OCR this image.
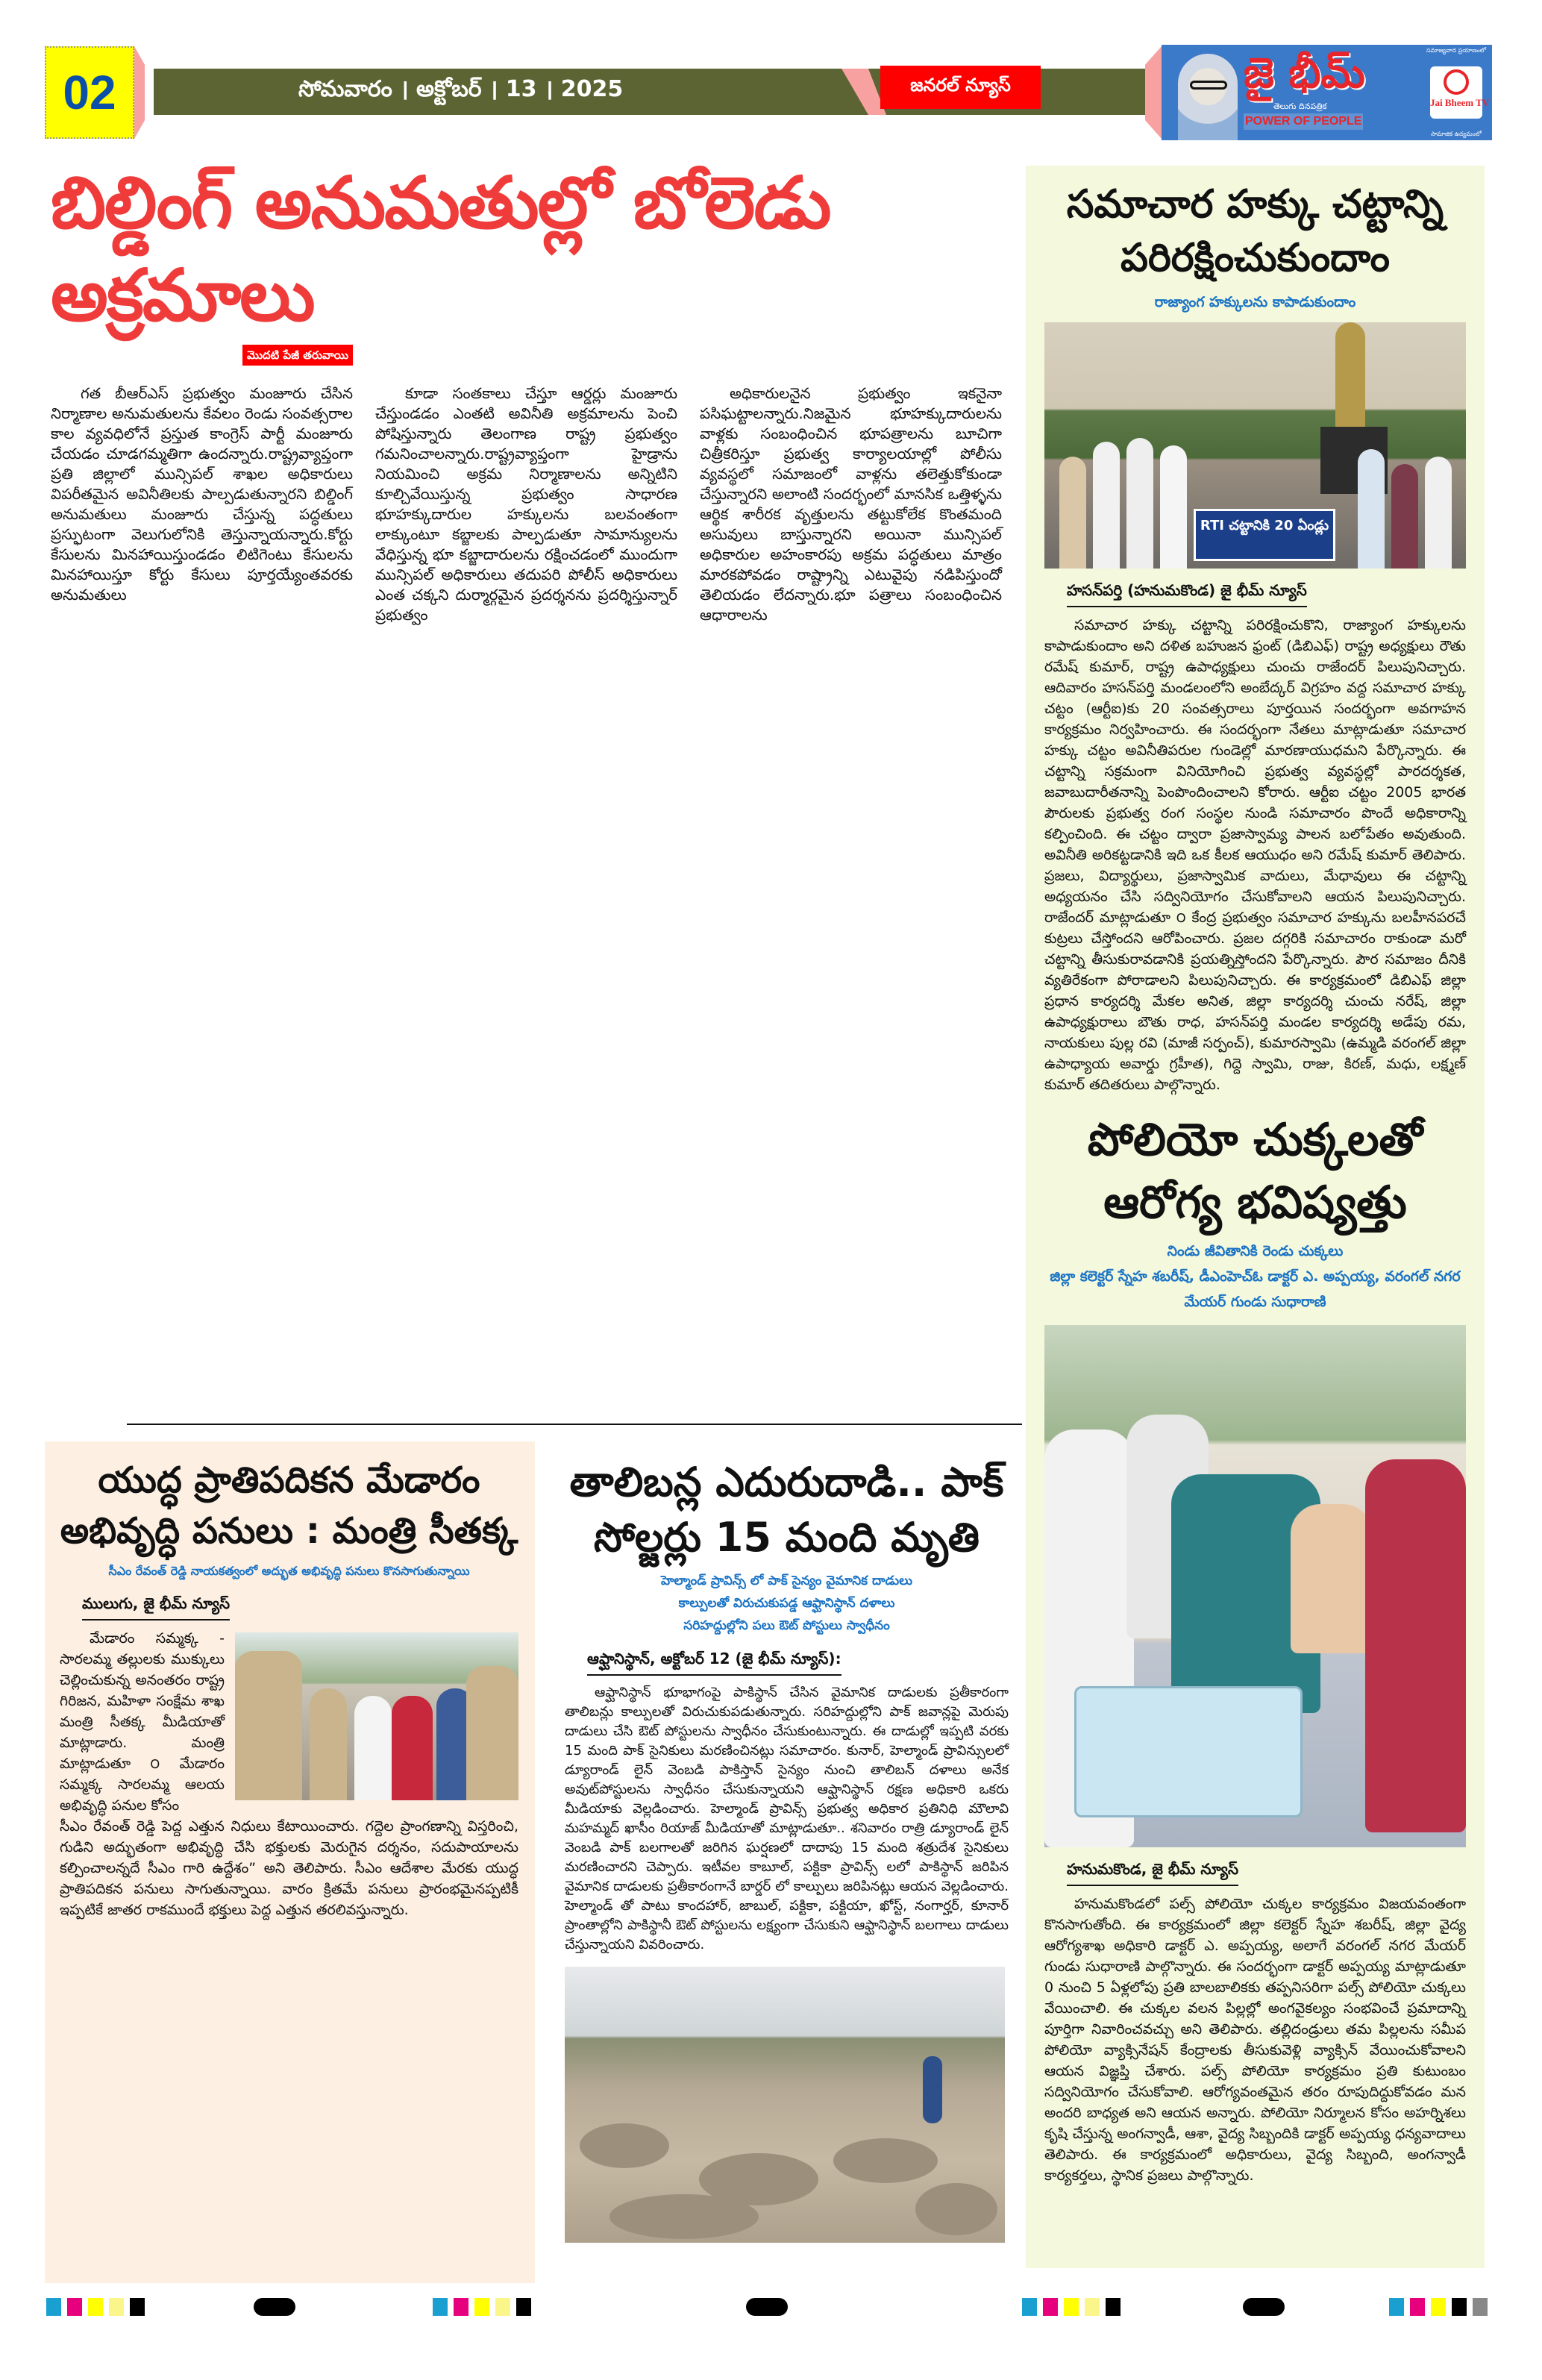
02	సోమవారం । అక్టోబర్ । 13 । 2025	జనరల్ న్యూస్	జై భీమ్
తెలుగు దినపత్రిక
POWER OF PEOPLE
సమాజ్యవాద ప్రయాణంలో
Jai Bheem TV
సామాజిక ఉద్యమంలో
బిల్డింగ్ అనుమతుల్లో బోలెడు అక్రమాలు
మొదటి పేజీ తరువాయి

గత బీఆర్ఎస్ ప్రభుత్వం మంజూరు చేసిన నిర్మాణాల అనుమతులను కేవలం రెండు సంవత్సరాల కాల వ్యవధిలోనే ప్రస్తుత కాంగ్రెస్ పార్టీ మంజూరు చేయడం చూడగమ్మతిగా ఉందన్నారు.రాష్ట్రవ్యాప్తంగా ప్రతి జిల్లాలో మున్సిపల్ శాఖల అధికారులు విపరీతమైన అవినీతిలకు పాల్పడుతున్నారని బిల్డింగ్ అనుమతులు మంజూరు చేస్తున్న పద్ధతులు ప్రస్ఫుటంగా వెలుగులోనికి తెస్తున్నాయన్నారు.కోర్టు కేసులను మినహాయిస్తుండడం లిటిగెంటు కేసులను మినహాయిస్తూ కోర్టు కేసులు పూర్తయ్యేంతవరకు అనుమతులు

కూడా సంతకాలు చేస్తూ ఆర్డర్లు మంజూరు చేస్తుండడం ఎంతటి అవినీతి అక్రమాలను పెంచి పోషిస్తున్నారు తెలంగాణ రాష్ట్ర ప్రభుత్వం గమనించాలన్నారు.రాష్ట్రవ్యాప్తంగా హైడ్రాను నియమించి అక్రమ నిర్మాణాలను అన్నిటిని కూల్చివేయిస్తున్న ప్రభుత్వం సాధారణ భూహక్కుదారుల హక్కులను బలవంతంగా లాక్కుంటూ కబ్జాలకు పాల్పడుతూ సామాన్యులను వేధిస్తున్న భూ కబ్జాదారులను రక్షించడంలో ముందుగా మున్సిపల్ అధికారులు తదుపరి పోలీస్ అధికారులు ఎంత చక్కని దుర్మార్గమైన ప్రదర్శనను ప్రదర్శిస్తున్నార్ ప్రభుత్వం

అధికారులనైన ప్రభుత్వం ఇకనైనా పసిఘట్టాలన్నారు.నిజమైన భూహక్కుదారులను వాళ్లకు సంబంధించిన భూపత్రాలను బూచిగా చిత్రీకరిస్తూ ప్రభుత్వ కార్యాలయాల్లో పోలీసు వ్యవస్థలో సమాజంలో వాళ్లను తలెత్తుకోకుండా చేస్తున్నారని అలాంటి సందర్భంలో మానసిక ఒత్తిళ్ళను ఆర్థిక శారీరక వృత్తులను తట్టుకోలేక కొంతమంది అసువులు బాస్తున్నారని అయినా మున్సిపల్ అధికారుల అహంకారపు అక్రమ పద్ధతులు మాత్రం మారకపోవడం రాష్ట్రాన్ని ఎటువైపు నడిపిస్తుందో తెలియడం లేదన్నారు.భూ పత్రాలు సంబంధించిన ఆధారాలను

సమాచార హక్కు చట్టాన్ని పరిరక్షించుకుందాం
రాజ్యాంగ హక్కులను కాపాడుకుందాం
RTI చట్టానికి 20 ఏండ్లు
హసన్‌పర్తి (హనుమకొండ) జై భీమ్ న్యూస్

సమాచార హక్కు చట్టాన్ని పరిరక్షించుకొని, రాజ్యాంగ హక్కులను కాపాడుకుందాం అని దళిత బహుజన ఫ్రంట్ (డిబిఎఫ్) రాష్ట్ర అధ్యక్షులు రౌతు రమేష్ కుమార్, రాష్ట్ర ఉపాధ్యక్షులు చుంచు రాజేందర్ పిలుపునిచ్చారు. ఆదివారం హసన్‌పర్తి మండలంలోని అంబేద్కర్ విగ్రహం వద్ద సమాచార హక్కు చట్టం (ఆర్టీఐ)కు 20 సంవత్సరాలు పూర్తయిన సందర్భంగా అవగాహన కార్యక్రమం నిర్వహించారు. ఈ సందర్భంగా నేతలు మాట్లాడుతూ సమాచార హక్కు చట్టం అవినీతిపరుల గుండెల్లో మారణాయుధమని పేర్కొన్నారు. ఈ చట్టాన్ని సక్రమంగా వినియోగించి ప్రభుత్వ వ్యవస్థల్లో పారదర్శకత, జవాబుదారీతనాన్ని పెంపొందించాలని కోరారు. ఆర్టీఐ చట్టం 2005 భారత పౌరులకు ప్రభుత్వ రంగ సంస్థల నుండి సమాచారం పొందే అధికారాన్ని కల్పించింది. ఈ చట్టం ద్వారా ప్రజాస్వామ్య పాలన బలోపేతం అవుతుంది. అవినీతి అరికట్టడానికి ఇది ఒక కీలక ఆయుధం అని రమేష్ కుమార్ తెలిపారు. ప్రజలు, విద్యార్థులు, ప్రజాస్వామిక వాదులు, మేధావులు ఈ చట్టాన్ని అధ్యయనం చేసి సద్వినియోగం చేసుకోవాలని ఆయన పిలుపునిచ్చారు. రాజేందర్ మాట్లాడుతూ ౦ కేంద్ర ప్రభుత్వం సమాచార హక్కును బలహీనపరచే కుట్రలు చేస్తోందని ఆరోపించారు. ప్రజల దగ్గరికి సమాచారం రాకుండా మరో చట్టాన్ని తీసుకురావడానికి ప్రయత్నిస్తోందని పేర్కొన్నారు. పౌర సమాజం దీనికి వ్యతిరేకంగా పోరాడాలని పిలుపునిచ్చారు. ఈ కార్యక్రమంలో డిబిఎఫ్ జిల్లా ప్రధాన కార్యదర్శి మేకల అనిత, జిల్లా కార్యదర్శి చుంచు నరేష్, జిల్లా ఉపాధ్యక్షురాలు బౌతు రాధ, హసన్‌పర్తి మండల కార్యదర్శి అడేపు రమ, నాయకులు పుల్ల రవి (మాజీ సర్పంచ్), కుమారస్వామి (ఉమ్మడి వరంగల్ జిల్లా ఉపాధ్యాయ అవార్డు గ్రహీత), గిద్దె స్వామి, రాజు, కిరణ్, మధు, లక్ష్మణ్ కుమార్ తదితరులు పాల్గొన్నారు.

పోలియో చుక్కలతో ఆరోగ్య భవిష్యత్తు
నిండు జీవితానికి రెండు చుక్కలు
జిల్లా కలెక్టర్ స్నేహ శబరీష్, డీఎంహెచ్ఓ డాక్టర్ ఎ. అప్పయ్య, వరంగల్ నగర మేయర్ గుండు సుధారాణి
హనుమకొండ, జై భీమ్ న్యూస్

హనుమకొండలో పల్స్ పోలియో చుక్కల కార్యక్రమం విజయవంతంగా కొనసాగుతోంది. ఈ కార్యక్రమంలో జిల్లా కలెక్టర్ స్నేహ శబరీష్, జిల్లా వైద్య ఆరోగ్యశాఖ అధికారి డాక్టర్ ఎ. అప్పయ్య, అలాగే వరంగల్ నగర మేయర్ గుండు సుధారాణి పాల్గొన్నారు. ఈ సందర్భంగా డాక్టర్ అప్పయ్య మాట్లాడుతూ 0 నుంచి 5 ఏళ్లలోపు ప్రతి బాలబాలికకు తప్పనిసరిగా పల్స్ పోలియో చుక్కలు వేయించాలి. ఈ చుక్కల వలన పిల్లల్లో అంగవైకల్యం సంభవించే ప్రమాదాన్ని పూర్తిగా నివారించవచ్చు అని తెలిపారు. తల్లిదండ్రులు తమ పిల్లలను సమీప పోలియో వ్యాక్సినేషన్ కేంద్రాలకు తీసుకువెళ్లి వ్యాక్సిన్ వేయించుకోవాలని ఆయన విజ్ఞప్తి చేశారు. పల్స్ పోలియో కార్యక్రమం ప్రతి కుటుంబం సద్వినియోగం చేసుకోవాలి. ఆరోగ్యవంతమైన తరం రూపుదిద్దుకోవడం మన అందరి బాధ్యత అని ఆయన అన్నారు. పోలియో నిర్మూలన కోసం అహర్నిశలు కృషి చేస్తున్న అంగన్వాడీ, ఆశా, వైద్య సిబ్బందికి డాక్టర్ అప్పయ్య ధన్యవాదాలు తెలిపారు. ఈ కార్యక్రమంలో అధికారులు, వైద్య సిబ్బంది, అంగన్వాడీ కార్యకర్తలు, స్థానిక ప్రజలు పాల్గొన్నారు.

యుద్ధ ప్రాతిపదికన మేడారం అభివృద్ధి పనులు : మంత్రి సీతక్క
సీఎం రేవంత్ రెడ్డి నాయకత్వంలో అద్భుత అభివృద్ధి పనులు కొనసాగుతున్నాయి
ములుగు, జై భీమ్ న్యూస్

మేడారం సమ్మక్క - సారలమ్మ తల్లులకు ముక్కులు చెల్లించుకున్న అనంతరం రాష్ట్ర గిరిజన, మహిళా సంక్షేమ శాఖ మంత్రి సీతక్క మీడియాతో మాట్లాడారు. మంత్రి మాట్లాడుతూ ౦ మేడారం సమ్మక్క సారలమ్మ ఆలయ అభివృద్ధి పనుల కోసం

సీఎం రేవంత్ రెడ్డి పెద్ద ఎత్తున నిధులు కేటాయించారు. గద్దెల ప్రాంగణాన్ని విస్తరించి, గుడిని అద్భుతంగా అభివృద్ధి చేసి భక్తులకు మెరుగైన దర్శనం, సదుపాయాలను కల్పించాలన్నదే సీఎం గారి ఉద్దేశం” అని తెలిపారు. సీఎం ఆదేశాల మేరకు యుద్ధ ప్రాతిపదికన పనులు సాగుతున్నాయి. వారం క్రితమే పనులు ప్రారంభమైనప్పటికీ ఇప్పటికే జాతర రాకముందే భక్తులు పెద్ద ఎత్తున తరలివస్తున్నారు.

తాలిబన్ల ఎదురుదాడి.. పాక్ సోల్జర్లు 15 మంది మృతి
హెల్మాండ్ ప్రావిన్స్ లో పాక్ సైన్యం వైమానిక దాడులు
కాల్పులతో విరుచుకుపడ్డ ఆఫ్ఘానిస్థాన్ దళాలు
సరిహద్దుల్లోని పలు ఔట్ పోస్టులు స్వాధీనం
ఆఫ్ఘానిస్థాన్, అక్టోబర్ 12 (జై భీమ్ న్యూస్):

ఆఫ్ఘానిస్థాన్ భూభాగంపై పాకిస్థాన్ చేసిన వైమానిక దాడులకు ప్రతీకారంగా తాలిబన్లు కాల్పులతో విరుచుకుపడుతున్నారు. సరిహద్దుల్లోని పాక్ జవాన్లపై మెరుపు దాడులు చేసి ఔట్ పోస్టులను స్వాధీనం చేసుకుంటున్నారు. ఈ దాడుల్లో ఇప్పటి వరకు 15 మంది పాక్ సైనికులు మరణించినట్లు సమాచారం. కునార్, హెల్మాండ్ ప్రావిన్సులలో డ్యూరాండ్ లైన్ వెంబడి పాకిస్తాన్ సైన్యం నుంచి తాలిబన్ దళాలు అనేక అవుట్‌పోస్టులను స్వాధీనం చేసుకున్నాయని ఆఫ్ఘానిస్థాన్ రక్షణ అధికారి ఒకరు మీడియాకు వెల్లడించారు. హెల్మాండ్ ప్రావిన్స్ ప్రభుత్వ అధికార ప్రతినిధి మౌలావి మహమ్మద్ ఖాసీం రియాజ్ మీడియాతో మాట్లాడుతూ.. శనివారం రాత్రి డ్యూరాండ్ లైన్ వెంబడి పాక్ బలగాలతో జరిగిన ఘర్షణలో దాదాపు 15 మంది శత్రుదేశ సైనికులు మరణించారని చెప్పారు. ఇటీవల కాబూల్, పక్టికా ప్రావిన్స్ లలో పాకిస్థాన్ జరిపిన వైమానిక దాడులకు ప్రతీకారంగానే బార్డర్ లో కాల్పులు జరిపినట్లు ఆయన వెల్లడించారు. హెల్మాండ్ తో పాటు కాందహార్, జాబుల్, పక్టికా, పక్టియా, ఖోస్ట్, నంగార్హర్, కూనార్ ప్రాంతాల్లోని పాకిస్థానీ ఔట్ పోస్టులను లక్ష్యంగా చేసుకుని ఆఫ్ఘానిస్థాన్ బలగాలు దాడులు చేస్తున్నాయని వివరించారు.
